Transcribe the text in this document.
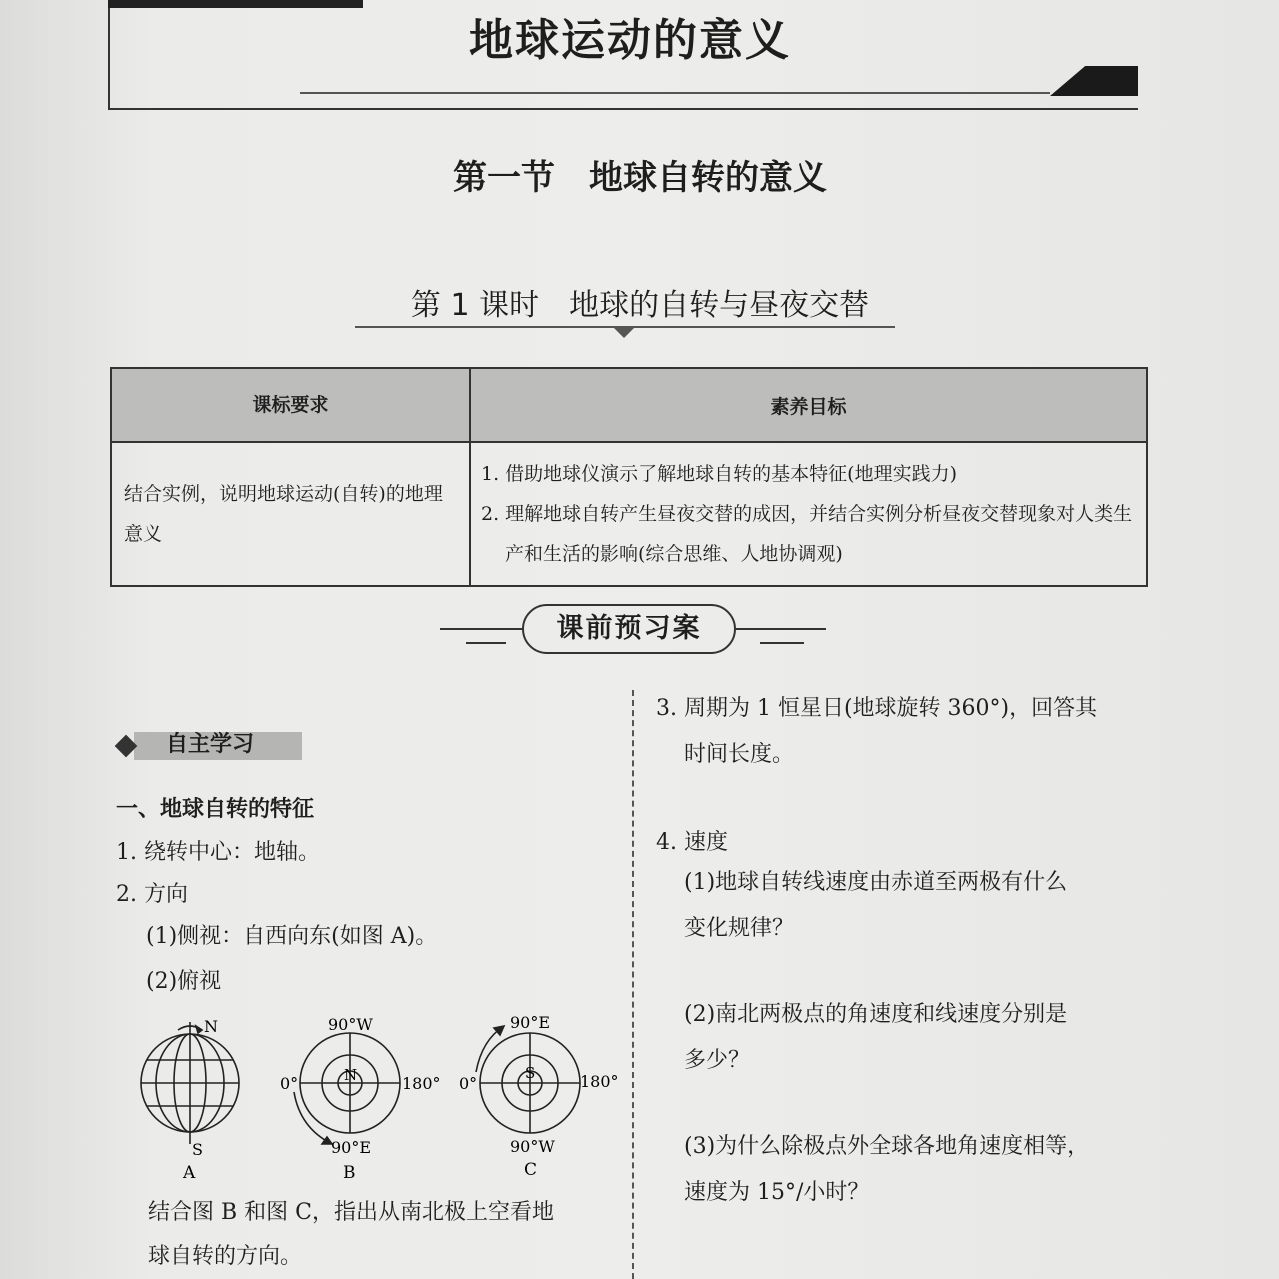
地球运动的意义
第一节　地球自转的意义
第 1 课时　地球的自转与昼夜交替
课标要求	素养目标
结合实例，说明地球运动(自转)的地理意义	1. 借助地球仪演示了解地球自转的基本特征(地理实践力)
2. 理解地球自转产生昼夜交替的成因，并结合实例分析昼夜交替现象对人类生产和生活的影响(综合思维、人地协调观)
课前预习案
自主学习
一、地球自转的特征
1. 绕转中心：地轴。
2. 方向
(1)侧视：自西向东(如图 A)。
(2)俯视
N
S
A
90°W
0°	180°
90°E
N
B
90°E
0°	180°
90°W
S
C
结合图 B 和图 C，指出从南北极上空看地
球自转的方向。
3. 周期为 1 恒星日(地球旋转 360°)，回答其
时间长度。
4. 速度
(1)地球自转线速度由赤道至两极有什么
变化规律？
(2)南北两极点的角速度和线速度分别是
多少？
(3)为什么除极点外全球各地角速度相等，
速度为 15°/小时？
